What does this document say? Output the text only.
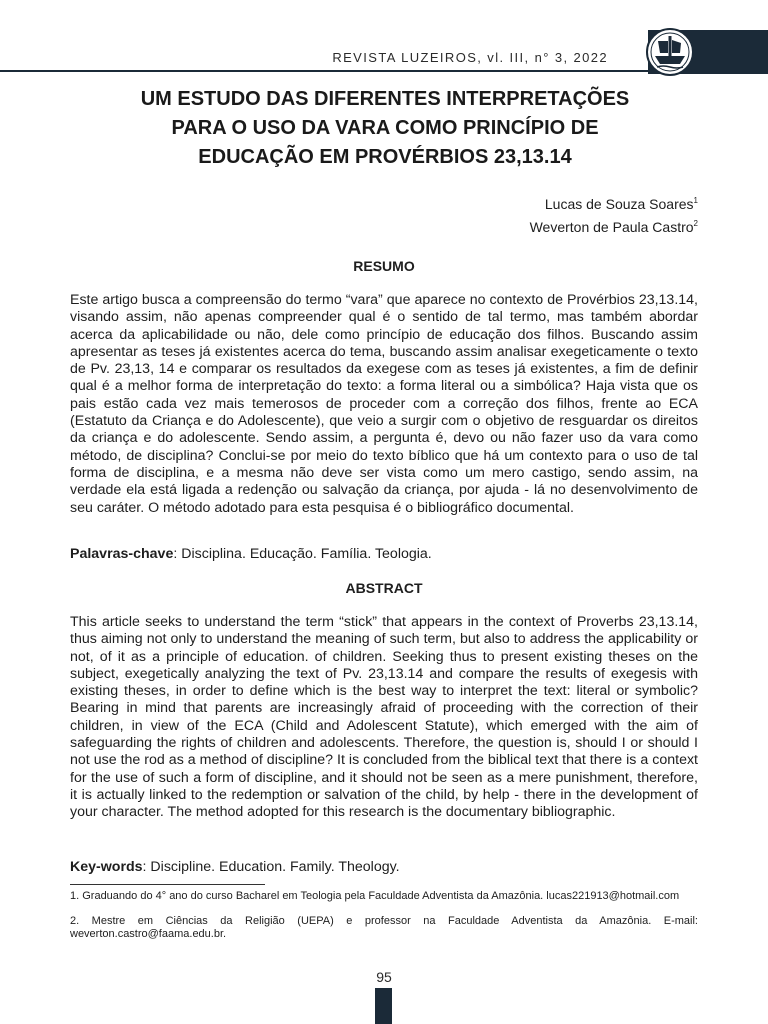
REVISTA LUZEIROS, vl. III, n° 3, 2022
UM ESTUDO DAS DIFERENTES INTERPRETAÇÕES
PARA O USO DA VARA COMO PRINCÍPIO DE
EDUCAÇÃO EM PROVÉRBIOS 23,13.14
Lucas de Souza Soares$^1$
Weverton de Paula Castro$^2$
RESUMO

Este artigo busca a compreensão do termo “vara” que aparece no contexto de Provérbios 23,13.14, visando assim, não apenas compreender qual é o sentido de tal termo, mas também abordar acerca da aplicabilidade ou não, dele como princípio de educação dos filhos. Buscando assim apresentar as teses já existentes acerca do tema, buscando assim analisar exegeticamente o texto de Pv. 23,13, 14 e comparar os resultados da exegese com as teses já existentes, a fim de definir qual é a melhor forma de interpretação do texto: a forma literal ou a simbólica? Haja vista que os pais estão cada vez mais temerosos de proceder com a correção dos filhos, frente ao ECA (Estatuto da Criança e do Adolescente), que veio a surgir com o objetivo de resguardar os direitos da criança e do adolescente. Sendo assim, a pergunta é, devo ou não fazer uso da vara como método, de disciplina? Conclui-se por meio do texto bíblico que há um contexto para o uso de tal forma de disciplina, e a mesma não deve ser vista como um mero castigo, sendo assim, na verdade ela está ligada a redenção ou salvação da criança, por ajuda - lá no desenvolvimento de seu caráter. O método adotado para esta pesquisa é o bibliográfico documental.

Palavras-chave: Disciplina. Educação. Família. Teologia.

ABSTRACT

This article seeks to understand the term “stick” that appears in the context of Proverbs 23,13.14, thus aiming not only to understand the meaning of such term, but also to address the applicability or not, of it as a principle of education. of children. Seeking thus to present existing theses on the subject, exegetically analyzing the text of Pv. 23,13.14 and compare the results of exegesis with existing theses, in order to define which is the best way to interpret the text: literal or symbolic? Bearing in mind that parents are increasingly afraid of proceeding with the correction of their children, in view of the ECA (Child and Adolescent Statute), which emerged with the aim of safeguarding the rights of children and adolescents. Therefore, the question is, should I or should I not use the rod as a method of discipline? It is concluded from the biblical text that there is a context for the use of such a form of discipline, and it should not be seen as a mere punishment, therefore, it is actually linked to the redemption or salvation of the child, by help - there in the development of your character. The method adopted for this research is the documentary bibliographic.

Key-words: Discipline. Education. Family. Theology.

1. Graduando do 4° ano do curso Bacharel em Teologia pela Faculdade Adventista da Amazônia. lucas221913@hotmail.com

2. Mestre em Ciências da Religião (UEPA) e professor na Faculdade Adventista da Amazônia. E-mail: weverton.castro@faama.edu.br.

95
